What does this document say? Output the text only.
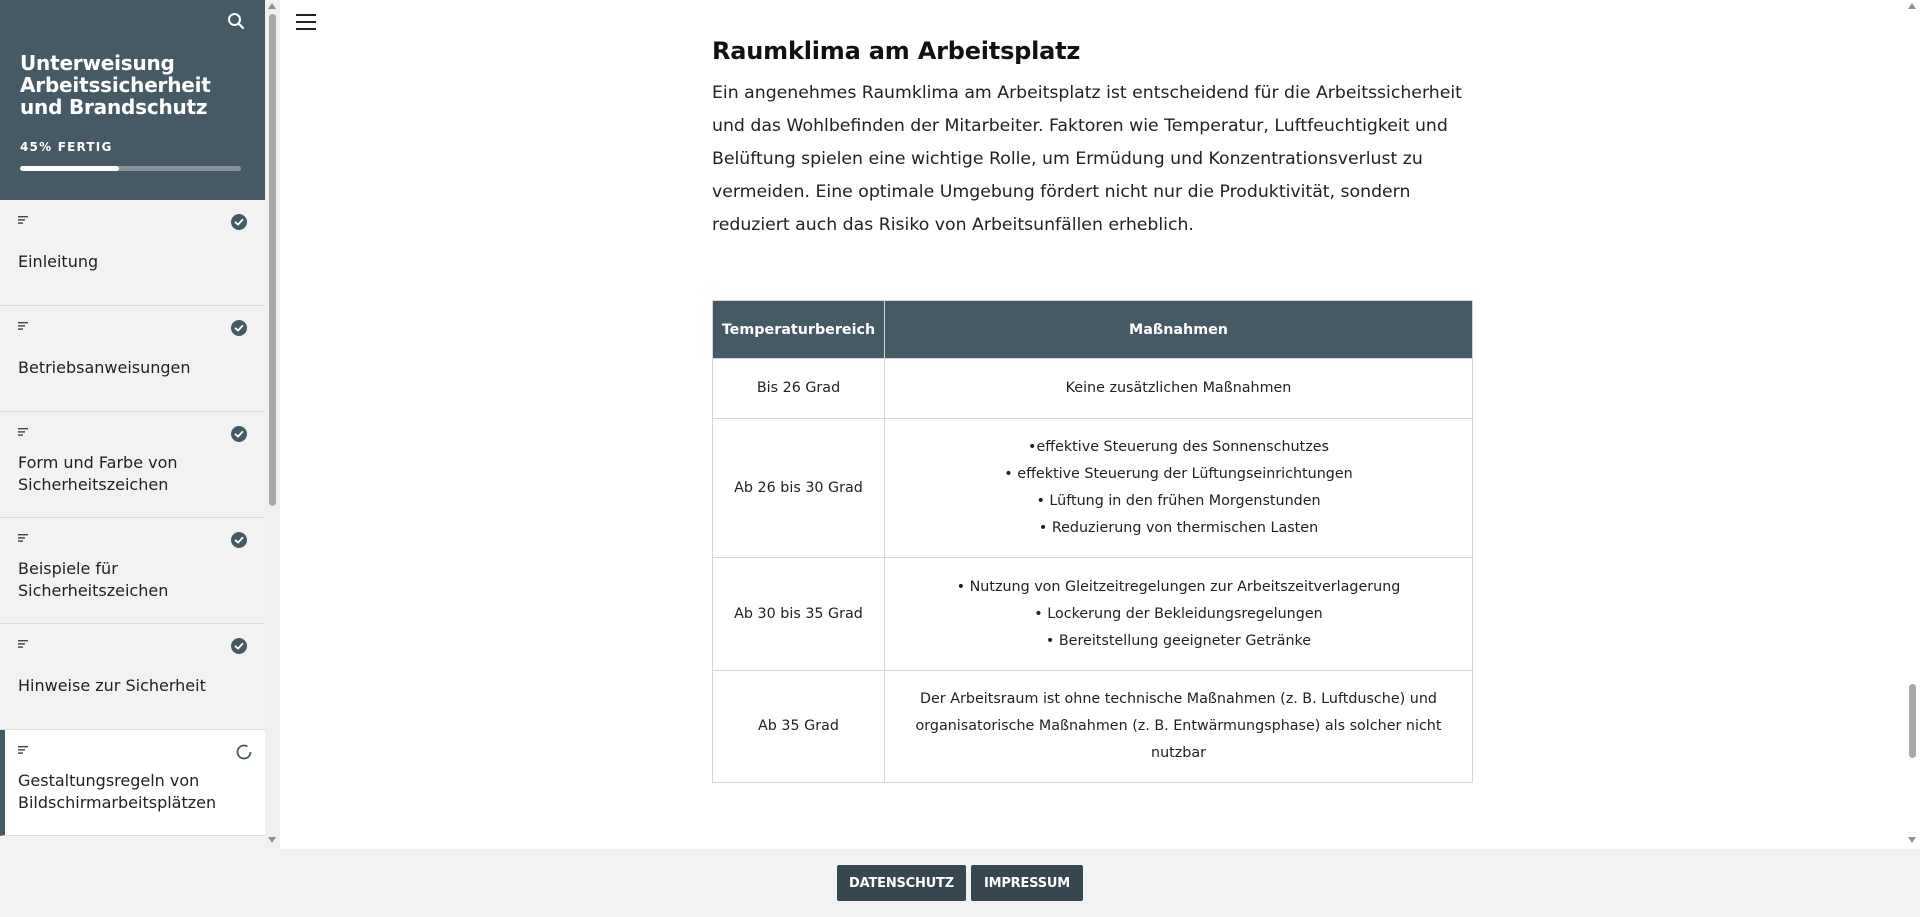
Unterweisung Arbeitssicherheit und Brandschutz
45% FERTIG
Einleitung
Betriebsanweisungen
Form und Farbe von Sicherheitszeichen
Beispiele für Sicherheitszeichen
Hinweise zur Sicherheit
Gestaltungsregeln von Bildschirmarbeitsplätzen
Raumklima am Arbeitsplatz

Ein angenehmes Raumklima am Arbeitsplatz ist entscheidend für die Arbeitssicherheit und das Wohlbefinden der Mitarbeiter. Faktoren wie Temperatur, Luftfeuchtigkeit und Belüftung spielen eine wichtige Rolle, um Ermüdung und Konzentrationsverlust zu vermeiden. Eine optimale Umgebung fördert nicht nur die Produktivität, sondern reduziert auch das Risiko von Arbeitsunfällen erheblich.

Temperaturbereich	Maßnahmen
Bis 26 Grad	Keine zusätzlichen Maßnahmen

Ab 26 bis 30 Grad	•effektive Steuerung des Sonnenschutzes
• effektive Steuerung der Lüftungseinrichtungen
• Lüftung in den frühen Morgenstunden
• Reduzierung von thermischen Lasten

Ab 30 bis 35 Grad	• Nutzung von Gleitzeitregelungen zur Arbeitszeitverlagerung
• Lockerung der Bekleidungsregelungen
• Bereitstellung geeigneter Getränke

Ab 35 Grad	Der Arbeitsraum ist ohne technische Maßnahmen (z. B. Luftdusche) und organisatorische Maßnahmen (z. B. Entwärmungsphase) als solcher nicht nutzbar
DATENSCHUTZ	IMPRESSUM
